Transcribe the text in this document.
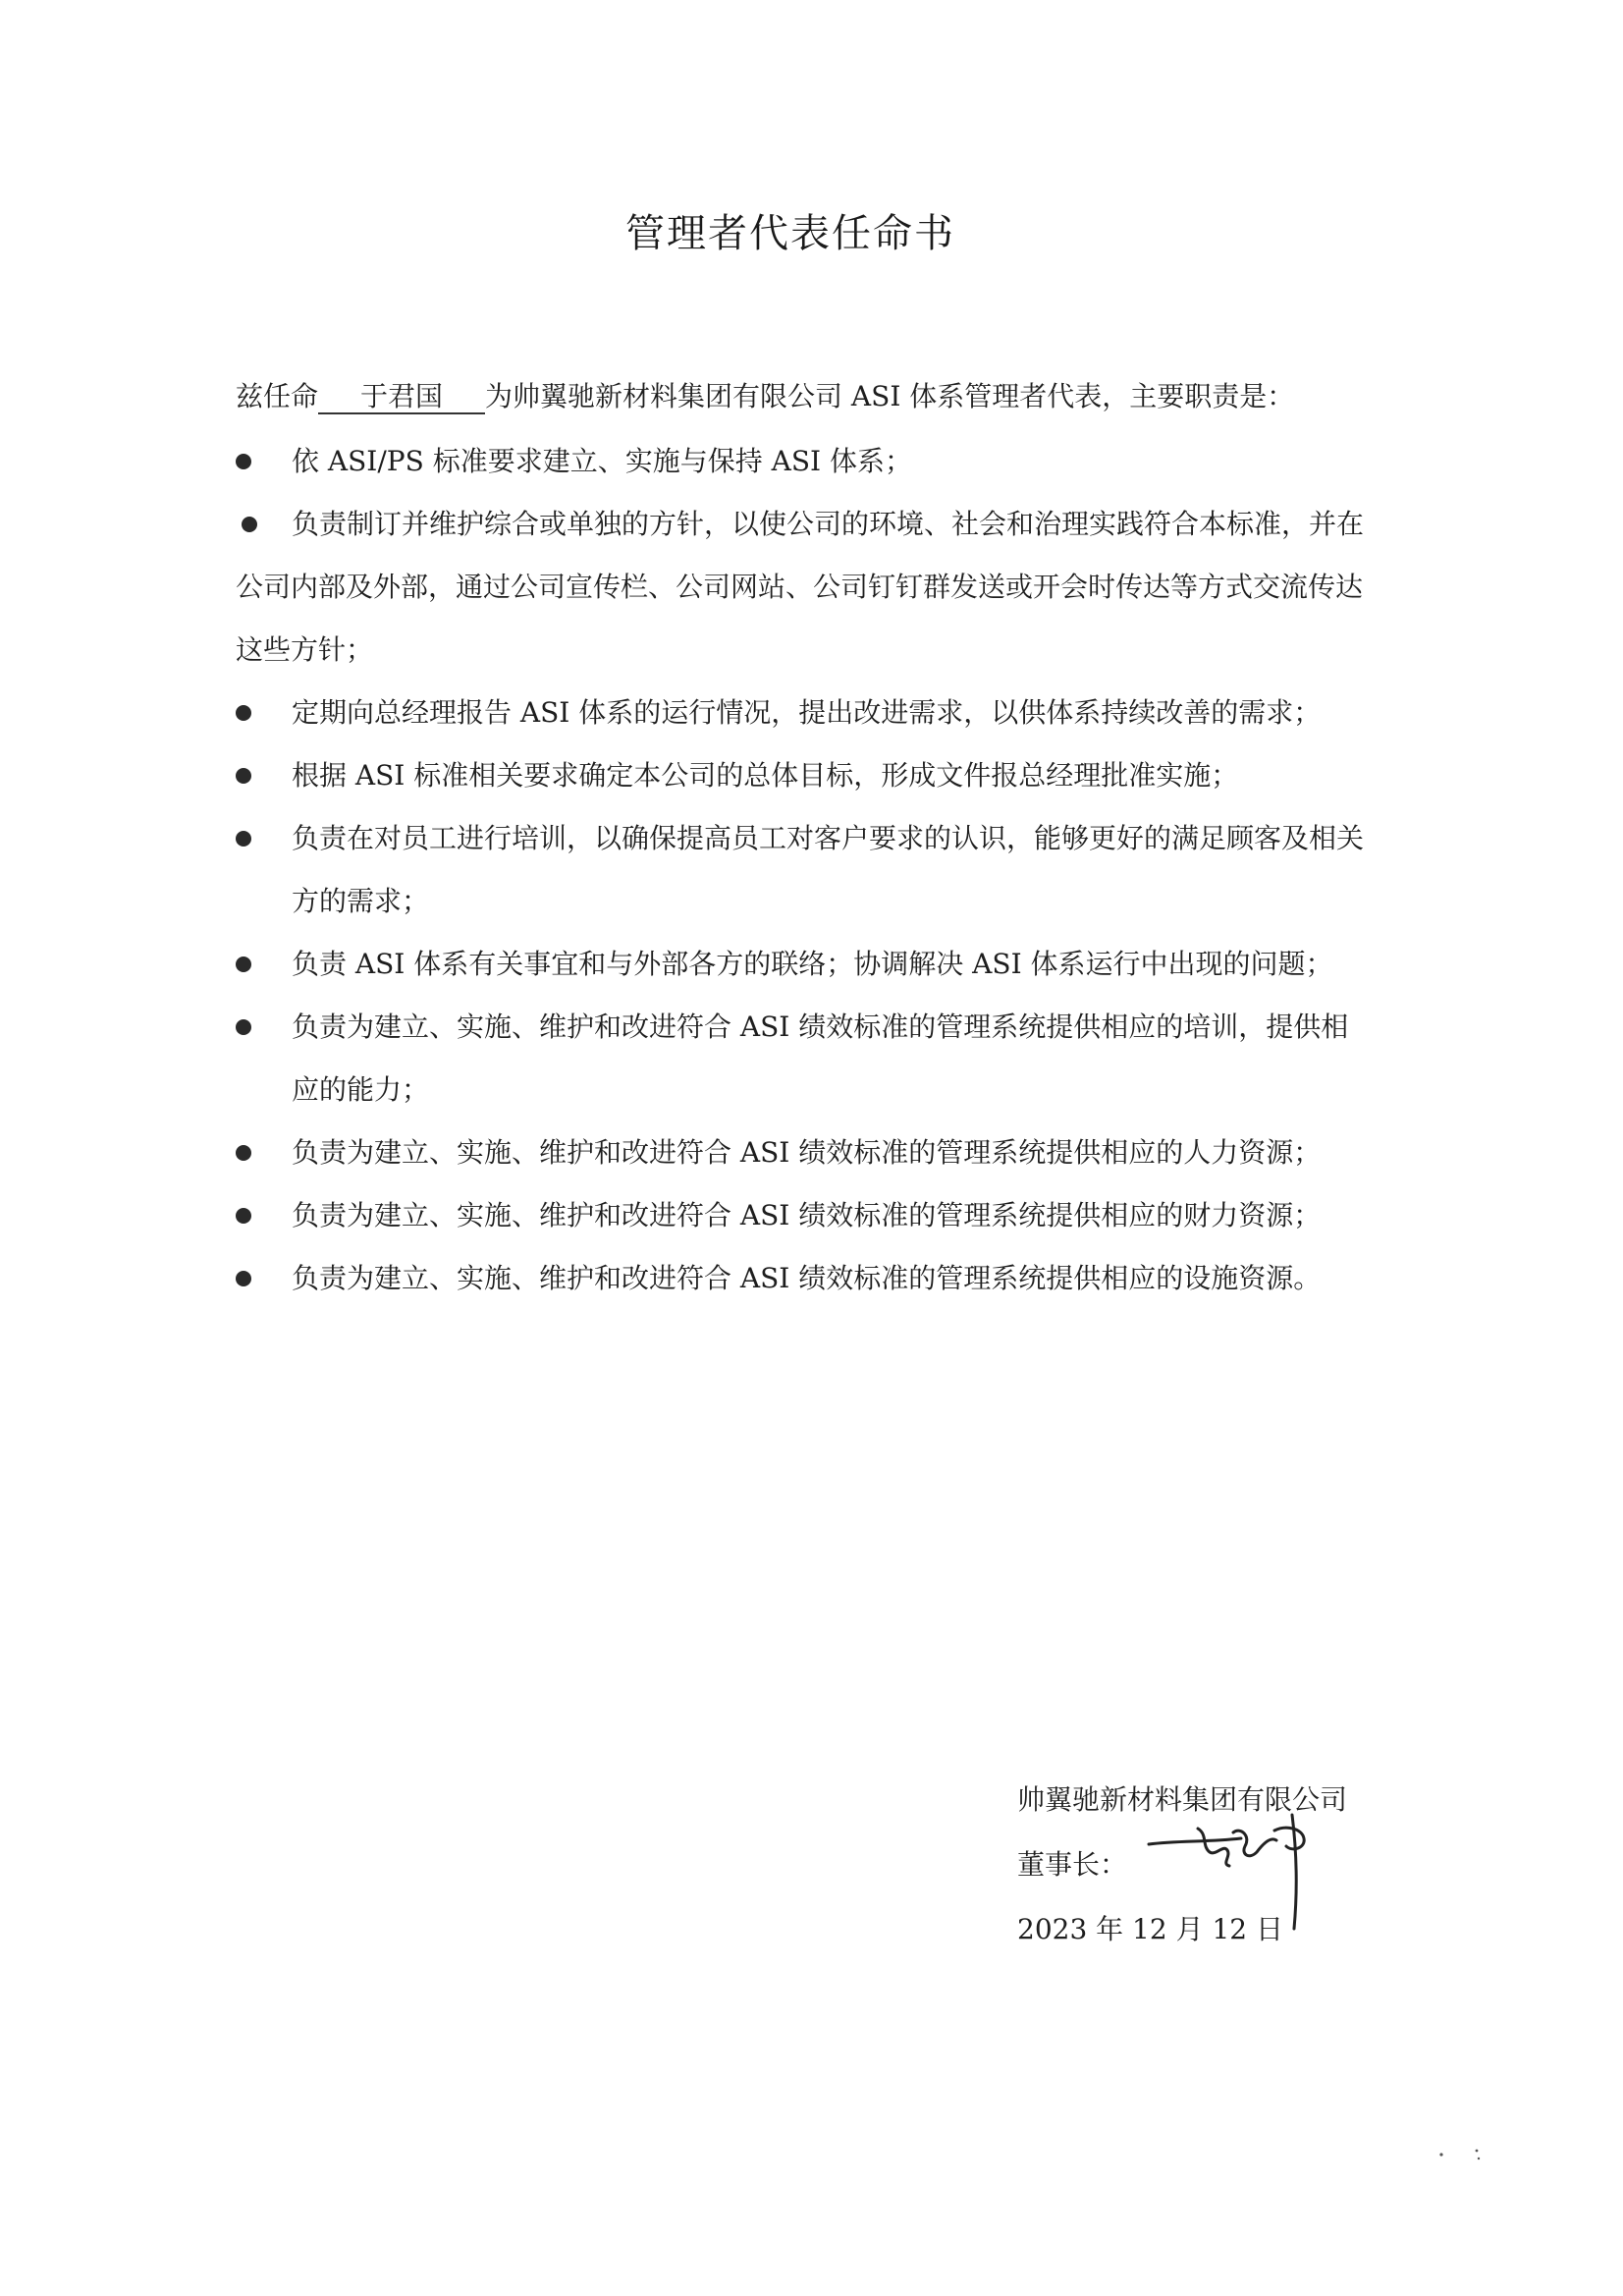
管理者代表任命书
兹任命 于君国 为帅翼驰新材料集团有限公司 ASI 体系管理者代表，主要职责是：

依 ASI/PS 标准要求建立、实施与保持 ASI 体系；

负责制订并维护综合或单独的方针，以使公司的环境、社会和治理实践符合本标准，并在公司内部及外部，通过公司宣传栏、公司网站、公司钉钉群发送或开会时传达等方式交流传达这些方针；

定期向总经理报告 ASI 体系的运行情况，提出改进需求，以供体系持续改善的需求；

根据 ASI 标准相关要求确定本公司的总体目标，形成文件报总经理批准实施；

负责在对员工进行培训，以确保提高员工对客户要求的认识，能够更好的满足顾客及相关方的需求；

负责 ASI 体系有关事宜和与外部各方的联络；协调解决 ASI 体系运行中出现的问题；

负责为建立、实施、维护和改进符合 ASI 绩效标准的管理系统提供相应的培训，提供相应的能力；

负责为建立、实施、维护和改进符合 ASI 绩效标准的管理系统提供相应的人力资源；

负责为建立、实施、维护和改进符合 ASI 绩效标准的管理系统提供相应的财力资源；

负责为建立、实施、维护和改进符合 ASI 绩效标准的管理系统提供相应的设施资源。

帅翼驰新材料集团有限公司
董事长：
2023 年 12 月 12 日
